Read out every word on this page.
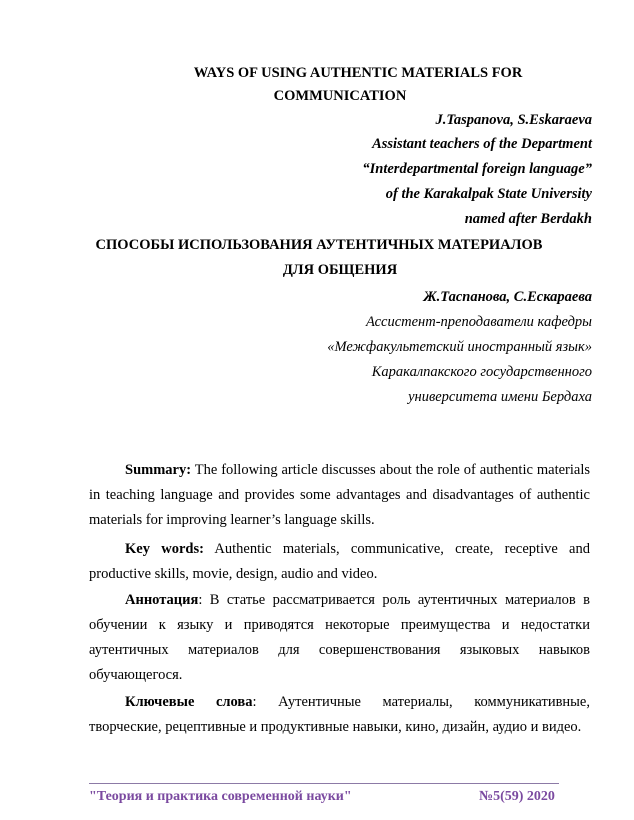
WAYS OF USING AUTHENTIC MATERIALS FOR
COMMUNICATION
J.Taspanova, S.Eskaraeva
Assistant teachers of the Department
“Interdepartmental foreign language”
of the Karakalpak State University
named after Berdakh
СПОСОБЫ ИСПОЛЬЗОВАНИЯ АУТЕНТИЧНЫХ МАТЕРИАЛОВ
ДЛЯ ОБЩЕНИЯ
Ж.Таспанова, С.Ескараева
Ассистент-преподаватели кафедры
«Межфакультетский иностранный язык»
Каракалпакского государственного
университета имени Бердаха

Summary: The following article discusses about the role of authentic materials in teaching language and provides some advantages and disadvantages of authentic materials for improving learner’s language skills.

Key words: Authentic materials, communicative, create, receptive and productive skills, movie, design, audio and video.

Аннотация: В статье рассматривается роль аутентичных материалов в обучении к языку и приводятся некоторые преимущества и недостатки аутентичных материалов для совершенствования языковых навыков обучающегося.

Ключевые слова: Аутентичные материалы, коммуникативные, творческие, рецептивные и продуктивные навыки, кино, дизайн, аудио и видео.

"Теория и практика современной науки"	№5(59) 2020
